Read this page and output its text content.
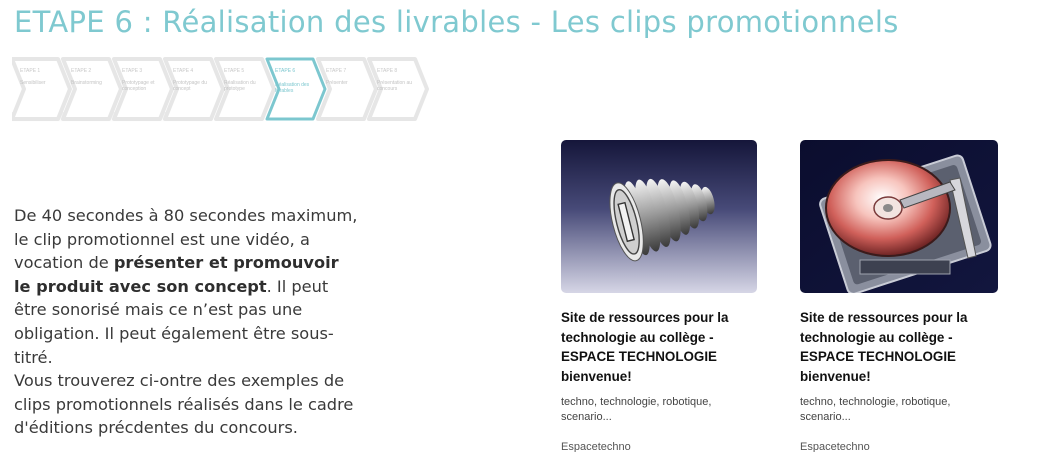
ETAPE 6 : Réalisation des livrables - Les clips promotionnels
ETAPE 1
Sensibiliser
ETAPE 2
Brainstorming
ETAPE 3
Prototypage et conception
ETAPE 4
Prototypage du concept
ETAPE 5
Réalisation du prototype
ETAPE 6
Réalisation des livrables
ETAPE 7
Présenter
ETAPE 8
Présentation au concours
De 40 secondes à 80 secondes maximum, le clip promotionnel est une vidéo, a vocation de présenter et promouvoir le produit avec son concept. Il peut être sonorisé mais ce n’est pas une obligation. Il peut également être sous-titré.
Vous trouverez ci-ontre des exemples de clips promotionnels réalisés dans le cadre d'éditions précdentes du concours.
Site de ressources pour la technologie au collège - ESPACE TECHNOLOGIE bienvenue!
techno, technologie, robotique, scenario...
Espacetechno
Site de ressources pour la technologie au collège - ESPACE TECHNOLOGIE bienvenue!
techno, technologie, robotique, scenario...
Espacetechno
